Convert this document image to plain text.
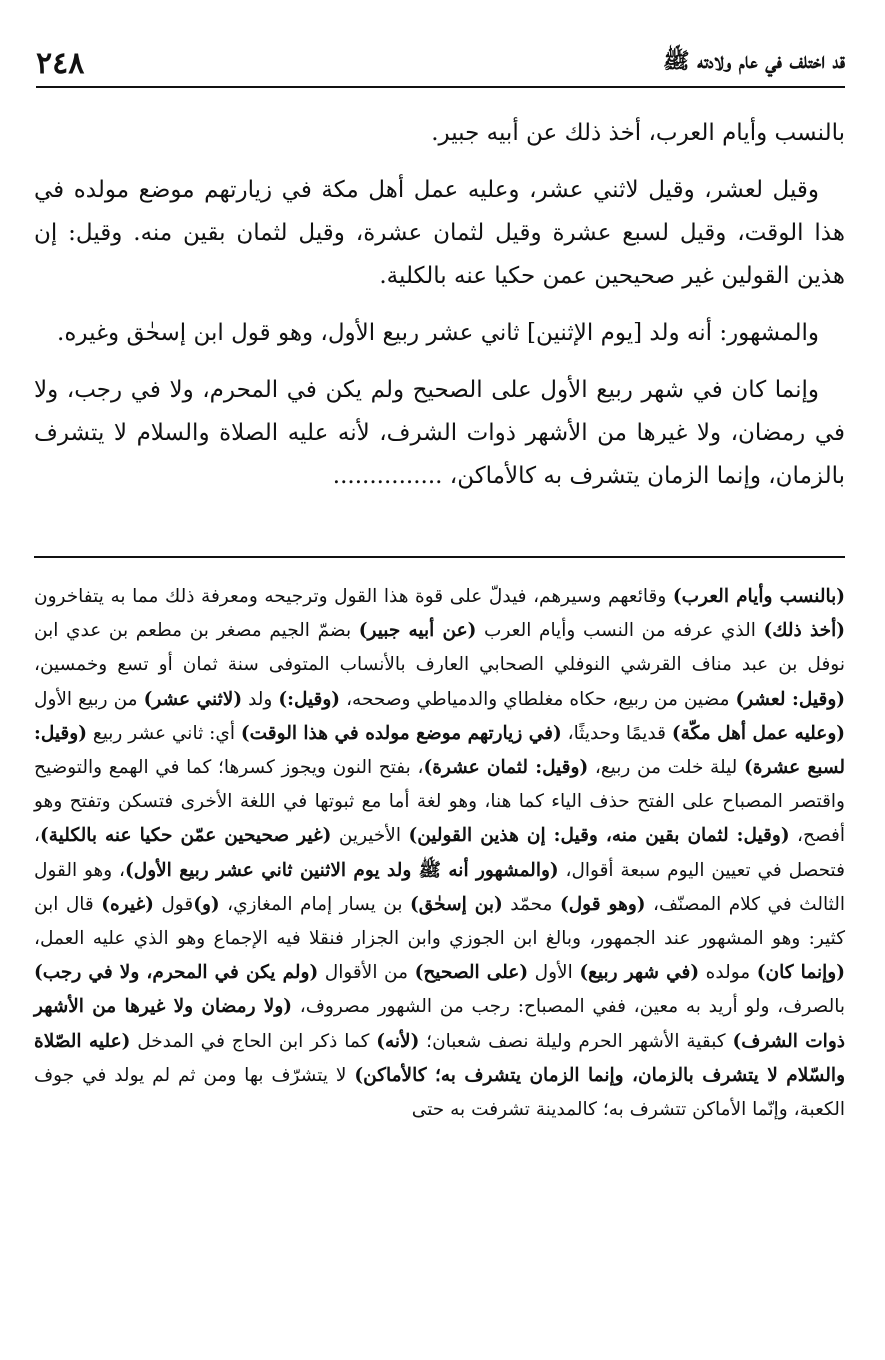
٢٤٨	قد اختلف في عام ولادته ﷺ

بالنسب وأيام العرب، أخذ ذلك عن أبيه جبير.

وقيل لعشر، وقيل لاثني عشر، وعليه عمل أهل مكة في زيارتهم موضع مولده في هذا الوقت، وقيل لسبع عشرة وقيل لثمان عشرة، وقيل لثمان بقين منه. وقيل: إن هذين القولين غير صحيحين عمن حكيا عنه بالكلية.

والمشهور: أنه ولد [يوم الإثنين] ثاني عشر ربيع الأول، وهو قول ابن إسحٰق وغيره.

وإنما كان في شهر ربيع الأول على الصحيح ولم يكن في المحرم، ولا في رجب، ولا في رمضان، ولا غيرها من الأشهر ذوات الشرف، لأنه عليه الصلاة والسلام لا يتشرف بالزمان، وإنما الزمان يتشرف به كالأماكن، ...............

(بالنسب وأيام العرب) وقائعهم وسيرهم، فيدلّ على قوة هذا القول وترجيحه ومعرفة ذلك مما به يتفاخرون (أخذ ذلك) الذي عرفه من النسب وأيام العرب (عن أبيه جبير) بضمّ الجيم مصغر بن مطعم بن عدي ابن نوفل بن عبد مناف القرشي النوفلي الصحابي العارف بالأنساب المتوفى سنة ثمان أو تسع وخمسين، (وقيل: لعشر) مضين من ربيع، حكاه مغلطاي والدمياطي وصححه، (وقيل:) ولد (لاثني عشر) من ربيع الأول (وعليه عمل أهل مكّة) قديمًا وحديثًا، (في زيارتهم موضع مولده في هذا الوقت) أي: ثاني عشر ربيع (وقيل: لسبع عشرة) ليلة خلت من ربيع، (وقيل: لثمان عشرة)، بفتح النون ويجوز كسرها؛ كما في الهمع والتوضيح واقتصر المصباح على الفتح حذف الياء كما هنا، وهو لغة أما مع ثبوتها في اللغة الأخرى فتسكن وتفتح وهو أفصح، (وقيل: لثمان بقين منه، وقيل: إن هذين القولين) الأخيرين (غير صحيحين عمّن حكيا عنه بالكلية)، فتحصل في تعيين اليوم سبعة أقوال، (والمشهور أنه ﷺ ولد يوم الاثنين ثاني عشر ربيع الأول)، وهو القول الثالث في كلام المصنّف، (وهو قول) محمّد (بن إسحٰق) بن يسار إمام المغازي، (و)قول (غيره) قال ابن كثير: وهو المشهور عند الجمهور، وبالغ ابن الجوزي وابن الجزار فنقلا فيه الإجماع وهو الذي عليه العمل، (وإنما كان) مولده (في شهر ربيع) الأول (على الصحيح) من الأقوال (ولم يكن في المحرم، ولا في رجب) بالصرف، ولو أريد به معين، ففي المصباح: رجب من الشهور مصروف، (ولا رمضان ولا غيرها من الأشهر ذوات الشرف) كبقية الأشهر الحرم وليلة نصف شعبان؛ (لأنه) كما ذكر ابن الحاج في المدخل (عليه الصّلاة والسّلام لا يتشرف بالزمان، وإنما الزمان يتشرف به؛ كالأماكن) لا يتشرّف بها ومن ثم لم يولد في جوف الكعبة، وإنّما الأماكن تتشرف به؛ كالمدينة تشرفت به حتى
